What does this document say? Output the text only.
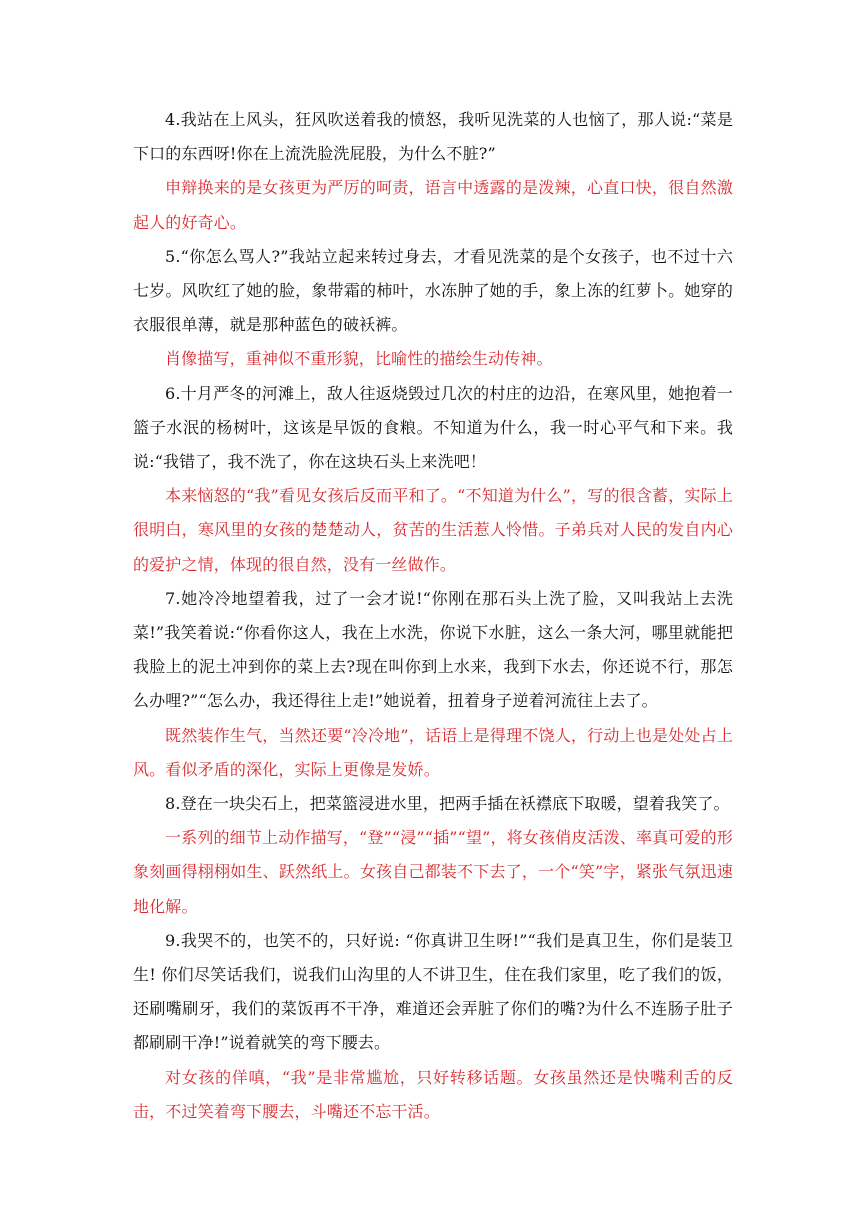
4.我站在上风头，狂风吹送着我的愤怒，我听见洗菜的人也恼了，那人说:“菜是下口的东西呀!你在上流洗脸洗屁股，为什么不脏?”

申辩换来的是女孩更为严厉的呵责，语言中透露的是泼辣，心直口快，很自然激起人的好奇心。

5.“你怎么骂人?”我站立起来转过身去，才看见洗菜的是个女孩子，也不过十六七岁。风吹红了她的脸，象带霜的柿叶，水冻肿了她的手，象上冻的红萝卜。她穿的衣服很单薄，就是那种蓝色的破袄裤。

肖像描写，重神似不重形貌，比喻性的描绘生动传神。

6.十月严冬的河滩上，敌人往返烧毁过几次的村庄的边沿，在寒风里，她抱着一篮子水泯的杨树叶，这该是早饭的食粮。不知道为什么，我一时心平气和下来。我说:“我错了，我不洗了，你在这块石头上来洗吧！

本来恼怒的“我”看见女孩后反而平和了。“不知道为什么”，写的很含蓄，实际上很明白，寒风里的女孩的楚楚动人，贫苦的生活惹人怜惜。子弟兵对人民的发自内心的爱护之情，体现的很自然，没有一丝做作。

7.她冷冷地望着我，过了一会才说!“你刚在那石头上洗了脸，又叫我站上去洗菜!”我笑着说:“你看你这人，我在上水洗，你说下水脏，这么一条大河，哪里就能把我脸上的泥土冲到你的菜上去?现在叫你到上水来，我到下水去，你还说不行，那怎么办哩?”“怎么办，我还得往上走!”她说着，扭着身子逆着河流往上去了。

既然装作生气，当然还要“冷冷地”，话语上是得理不饶人，行动上也是处处占上风。看似矛盾的深化，实际上更像是发娇。

8.登在一块尖石上，把菜篮浸进水里，把两手插在袄襟底下取暖，望着我笑了。

一系列的细节上动作描写，“登”“浸”“插”“望”，将女孩俏皮活泼、率真可爱的形象刻画得栩栩如生、跃然纸上。女孩自己都装不下去了，一个“笑”字，紧张气氛迅速地化解。

9.我哭不的，也笑不的，只好说: “你真讲卫生呀!”“我们是真卫生，你们是装卫生! 你们尽笑话我们，说我们山沟里的人不讲卫生，住在我们家里，吃了我们的饭，还刷嘴刷牙，我们的菜饭再不干净，难道还会弄脏了你们的嘴?为什么不连肠子肚子都刷刷干净!”说着就笑的弯下腰去。

对女孩的佯嗔，“我”是非常尴尬，只好转移话题。女孩虽然还是快嘴利舌的反击，不过笑着弯下腰去，斗嘴还不忘干活。
